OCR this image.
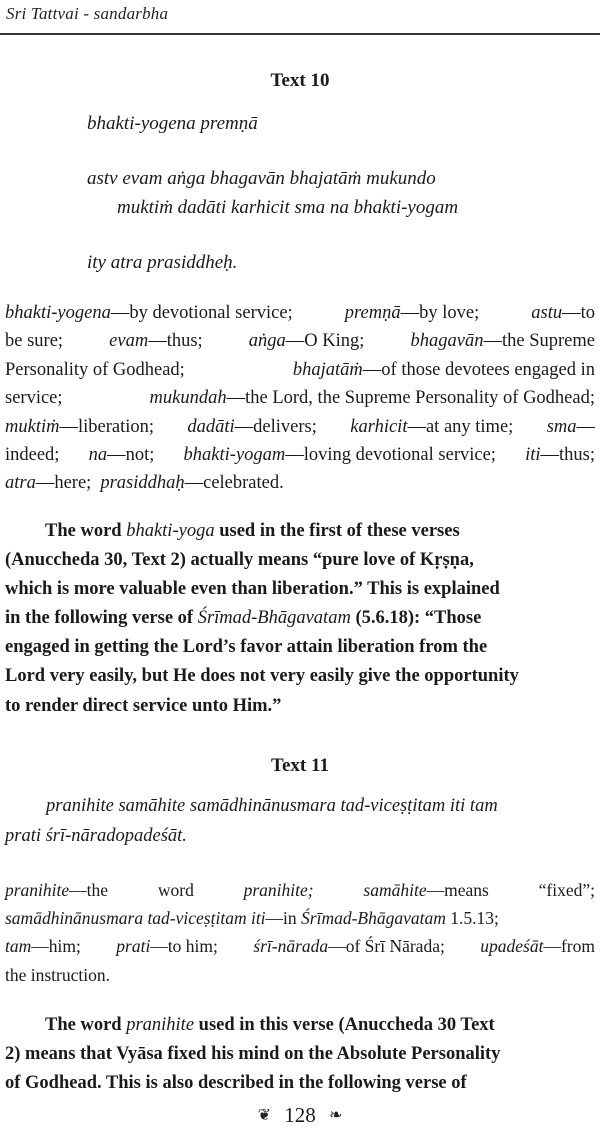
Sri Tattvai - sandarbha
Text 10
bhakti-yogena premṇā
astv evam aṅga bhagavān bhajatāṁ mukundo
muktiṁ dadāti karhicit sma na bhakti-yogam
ity atra prasiddheḥ.
bhakti-yogena—by devotional service;	premṇā—by love;	astu—to
be sure; evam—thus; aṅga—O King; bhagavān—the Supreme
Personality of Godhead;	bhajatāṁ—of those devotees engaged in
service;	mukundah—the Lord, the Supreme Personality of Godhead;
muktiṁ—liberation; dadāti—delivers; karhicit—at any time; sma—
indeed; na—not; bhakti-yogam—loving devotional service; iti—thus;
atra—here; prasiddhaḥ—celebrated.
The word bhakti-yoga used in the first of these verses
(Anuccheda 30, Text 2) actually means “pure love of Kṛṣṇa,
which is more valuable even than liberation.” This is explained
in the following verse of Śrīmad-Bhāgavatam (5.6.18): “Those
engaged in getting the Lord’s favor attain liberation from the
Lord very easily, but He does not very easily give the opportunity
to render direct service unto Him.”
Text 11
pranihite samāhite samādhinānusmara tad-viceṣṭitam iti tam
prati śrī-nāradopadeśāt.
pranihite—the	word	pranihite;	samāhite—means	“fixed”;
samādhinānusmara tad-viceṣṭitam iti—in Śrīmad-Bhāgavatam 1.5.13;
tam—him; prati—to him; śrī-nārada—of Śrī Nārada; upadeśāt—from
the instruction.
The word pranihite used in this verse (Anuccheda 30 Text
2) means that Vyāsa fixed his mind on the Absolute Personality
of Godhead. This is also described in the following verse of
❦ 128 ❧
